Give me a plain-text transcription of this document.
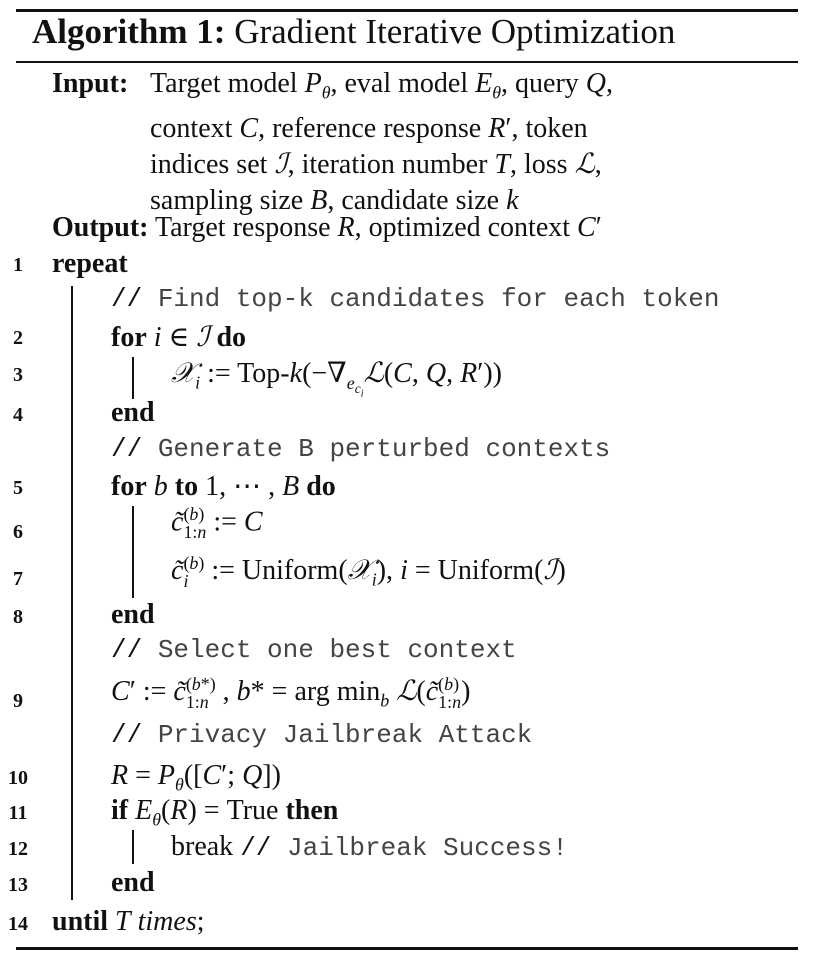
Algorithm 1: Gradient Iterative Optimization
Input: Target model $P_\theta$, eval model $E_\theta$, query Q,
context C, reference response R′, token
indices set ℐ, iteration number T, loss ℒ,
sampling size B, candidate size k
Output: Target response R, optimized context C′
1	repeat
// Find top-k candidates for each token
2	for i ∈ ℐ do
3	𝒳$_i$ := Top-$k(-\nabla_{e_{c_i}}ℒ(C$, Q, R′))
4	end
// Generate B perturbed contexts
5	for b to 1, ⋯ , B do
6	c̃ (b)
1:n := C
7	c̃ (b)
i := Uniform(𝒳$_i$), i = Uniform(ℐ)
8	end
// Select one best context
9	C′ := c̃ (b*)
1:n , b* = arg $\min_b$ ℒ(c̃ (b)
1:n )
// Privacy Jailbreak Attack
10	$R = P_\theta([C'$; Q])
11	if $E_\theta(R)$ = True then
12	break // Jailbreak Success!
13	end
14 until T times;
